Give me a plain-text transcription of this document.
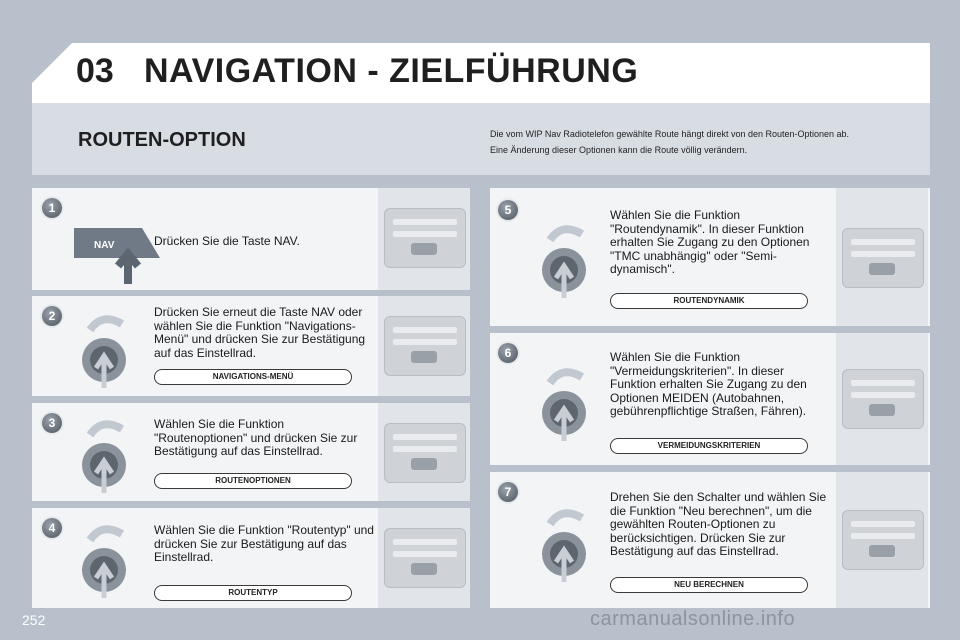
03 NAVIGATION - ZIELFÜHRUNG
ROUTEN-OPTION	Die vom WIP Nav Radiotelefon gewählte Route hängt direkt von den Routen-Optionen ab.
Eine Änderung dieser Optionen kann die Route völlig verändern.
1
NAV	Drücken Sie die Taste NAV.
2	Drücken Sie erneut die Taste NAV oder wählen Sie die Funktion "Navigations-Menü" und drücken Sie zur Bestätigung auf das Einstellrad.
NAVIGATIONS-MENÜ
3	Wählen Sie die Funktion "Routenoptionen" und drücken Sie zur Bestätigung auf das Einstellrad.
ROUTENOPTIONEN
4	Wählen Sie die Funktion "Routentyp" und drücken Sie zur Bestätigung auf das Einstellrad.
ROUTENTYP
5	Wählen Sie die Funktion "Routendynamik". In dieser Funktion erhalten Sie Zugang zu den Optionen "TMC unabhängig" oder "Semi-dynamisch".
ROUTENDYNAMIK
6	Wählen Sie die Funktion "Vermeidungskriterien". In dieser Funktion erhalten Sie Zugang zu den Optionen MEIDEN (Autobahnen, gebührenpflichtige Straßen, Fähren).
VERMEIDUNGSKRITERIEN
7	Drehen Sie den Schalter und wählen Sie die Funktion "Neu berechnen", um die gewählten Routen-Optionen zu berücksichtigen. Drücken Sie zur Bestätigung auf das Einstellrad.
NEU BERECHNEN
252	carmanualsonline.info
